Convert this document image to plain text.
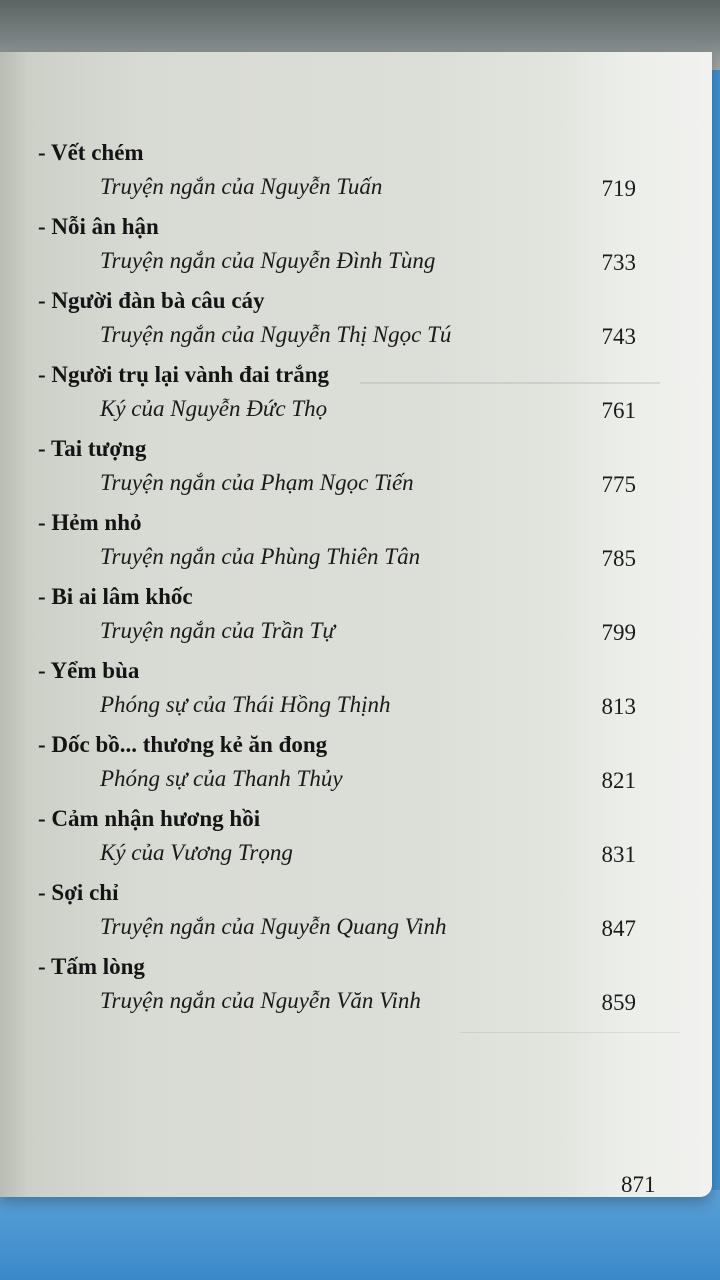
- Vết chém
Truyện ngắn của Nguyễn Tuấn	719
- Nỗi ân hận
Truyện ngắn của Nguyễn Đình Tùng	733
- Người đàn bà câu cáy
Truyện ngắn của Nguyễn Thị Ngọc Tú	743
- Người trụ lại vành đai trắng
Ký của Nguyễn Đức Thọ	761
- Tai tượng
Truyện ngắn của Phạm Ngọc Tiến	775
- Hẻm nhỏ
Truyện ngắn của Phùng Thiên Tân	785
- Bi ai lâm khốc
Truyện ngắn của Trần Tự	799
- Yểm bùa
Phóng sự của Thái Hồng Thịnh	813
- Dốc bồ... thương kẻ ăn đong
Phóng sự của Thanh Thủy	821
- Cảm nhận hương hồi
Ký của Vương Trọng	831
- Sợi chỉ
Truyện ngắn của Nguyễn Quang Vinh	847
- Tấm lòng
Truyện ngắn của Nguyễn Văn Vinh	859
871
